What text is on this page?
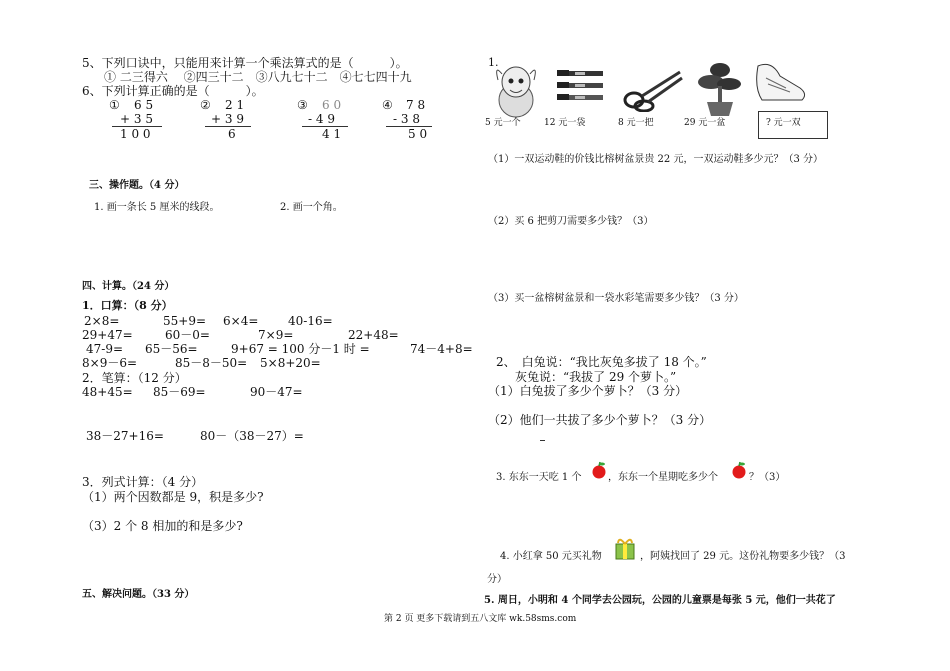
5、下列口诀中，只能用来计算一个乘法算式的是（　　　）。
　① 二三得六　 ②四三十二　③八九七十二　④七七四十九
6、下列计算正确的是（　　　）。
① 6 5
+ 3 5
1 0 0
② 2 1
+ 3 9
6
③ 6 0
- 4 9
4 1
④ 7 8
- 3 8
5 0
三、操作题。（4 分）
1. 画一条长 5 厘米的线段。	2. 画一个角。
四、计算。（24 分）
1．口算：（8 分）
2×8=	55+9= 6×4= 40-16=
29+47=	60－0=	7×9=	22+48=
47-9= 65－56=	9+67 = 100 分－1 时 =	74－4+8=
8×9－6=	85－8－50= 5×8+20=
2．笔算：（12 分）
48+45= 85－69=	90－47=
38－27+16=	80－（38－27）=
3．列式计算：（4 分）
（1）两个因数都是 9，积是多少?
（3）2 个 8 相加的和是多少?
五、解决问题。（33 分）
1.
5 元一个	12 元一袋	8 元一把	29 元一盆	? 元一双
（1）一双运动鞋的价钱比榕树盆景贵 22 元，一双运动鞋多少元？（3 分）
（2）买 6 把剪刀需要多少钱？（3）
（3）买一盆榕树盆景和一袋水彩笔需要多少钱？（3 分）
2、　白兔说：“我比灰兔多拔了 18 个。”
灰兔说：“我拔了 29 个萝卜。”
（1）白兔拔了多少个萝卜？（3 分）
（2）他们一共拔了多少个萝卜？（3 分）
3. 东东一天吃 1 个	，东东一个星期吃多少个	？（3）
4. 小红拿 50 元买礼物	，阿姨找回了 29 元。这份礼物要多少钱？（3
分）
5. 周日，小明和 4 个同学去公园玩，公园的儿童票是每张 5 元，他们一共花了
第 2 页 更多下载请到五八文库 wk.58sms.com
